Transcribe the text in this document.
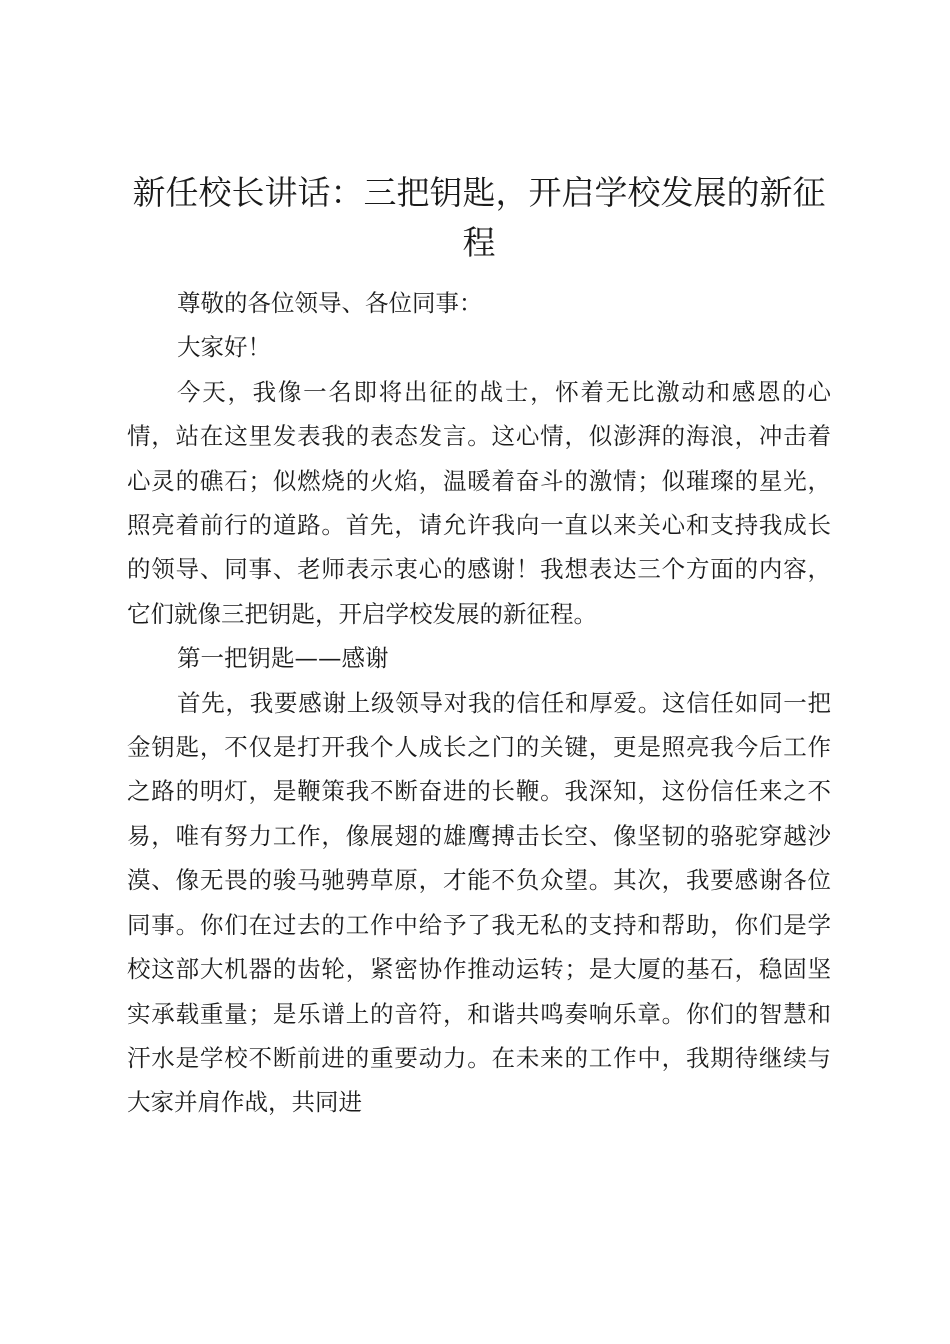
新任校长讲话：三把钥匙，开启学校发展的新征程

尊敬的各位领导、各位同事：

大家好！

今天，我像一名即将出征的战士，怀着无比激动和感恩的心情，站在这里发表我的表态发言。这心情，似澎湃的海浪，冲击着心灵的礁石；似燃烧的火焰，温暖着奋斗的激情；似璀璨的星光，照亮着前行的道路。首先，请允许我向一直以来关心和支持我成长的领导、同事、老师表示衷心的感谢！我想表达三个方面的内容，它们就像三把钥匙，开启学校发展的新征程。

第一把钥匙——感谢

首先，我要感谢上级领导对我的信任和厚爱。这信任如同一把金钥匙，不仅是打开我个人成长之门的关键，更是照亮我今后工作之路的明灯，是鞭策我不断奋进的长鞭。我深知，这份信任来之不易，唯有努力工作，像展翅的雄鹰搏击长空、像坚韧的骆驼穿越沙漠、像无畏的骏马驰骋草原，才能不负众望。其次，我要感谢各位同事。你们在过去的工作中给予了我无私的支持和帮助，你们是学校这部大机器的齿轮，紧密协作推动运转；是大厦的基石，稳固坚实承载重量；是乐谱上的音符，和谐共鸣奏响乐章。你们的智慧和汗水是学校不断前进的重要动力。在未来的工作中，我期待继续与大家并肩作战，共同进
